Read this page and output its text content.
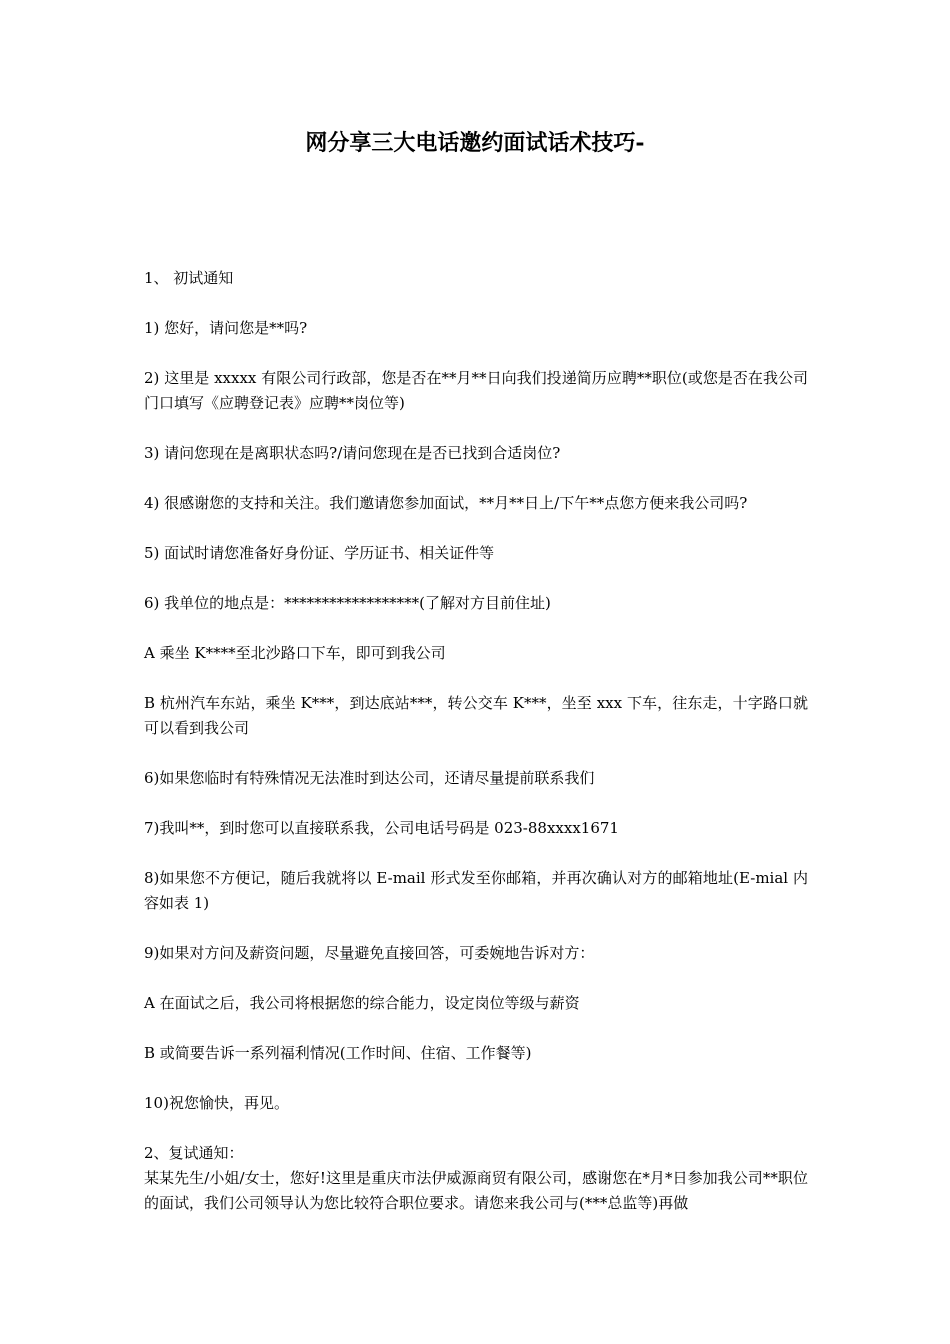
网分享三大电话邀约面试话术技巧-

1、 初试通知

1) 您好，请问您是**吗?

2) 这里是 xxxxx 有限公司行政部，您是否在**月**日向我们投递简历应聘**职位(或您是否在我公司门口填写《应聘登记表》应聘**岗位等)

3) 请问您现在是离职状态吗?/请问您现在是否已找到合适岗位?

4) 很感谢您的支持和关注。我们邀请您参加面试，**月**日上/下午**点您方便来我公司吗?

5) 面试时请您准备好身份证、学历证书、相关证件等

6) 我单位的地点是：******************(了解对方目前住址)

A 乘坐 K****至北沙路口下车，即可到我公司

B 杭州汽车东站，乘坐 K***，到达底站***，转公交车 K***，坐至 xxx 下车，往东走，十字路口就可以看到我公司

6)如果您临时有特殊情况无法准时到达公司，还请尽量提前联系我们

7)我叫**，到时您可以直接联系我，公司电话号码是 023-88xxxx1671

8)如果您不方便记，随后我就将以 E-mail 形式发至你邮箱，并再次确认对方的邮箱地址(E-mial 内容如表 1)

9)如果对方问及薪资问题，尽量避免直接回答，可委婉地告诉对方：

A 在面试之后，我公司将根据您的综合能力，设定岗位等级与薪资

B 或简要告诉一系列福利情况(工作时间、住宿、工作餐等)

10)祝您愉快，再见。

2、复试通知：

某某先生/小姐/女士，您好!这里是重庆市法伊威源商贸有限公司，感谢您在*月*日参加我公司**职位的面试，我们公司领导认为您比较符合职位要求。请您来我公司与(***总监等)再做
